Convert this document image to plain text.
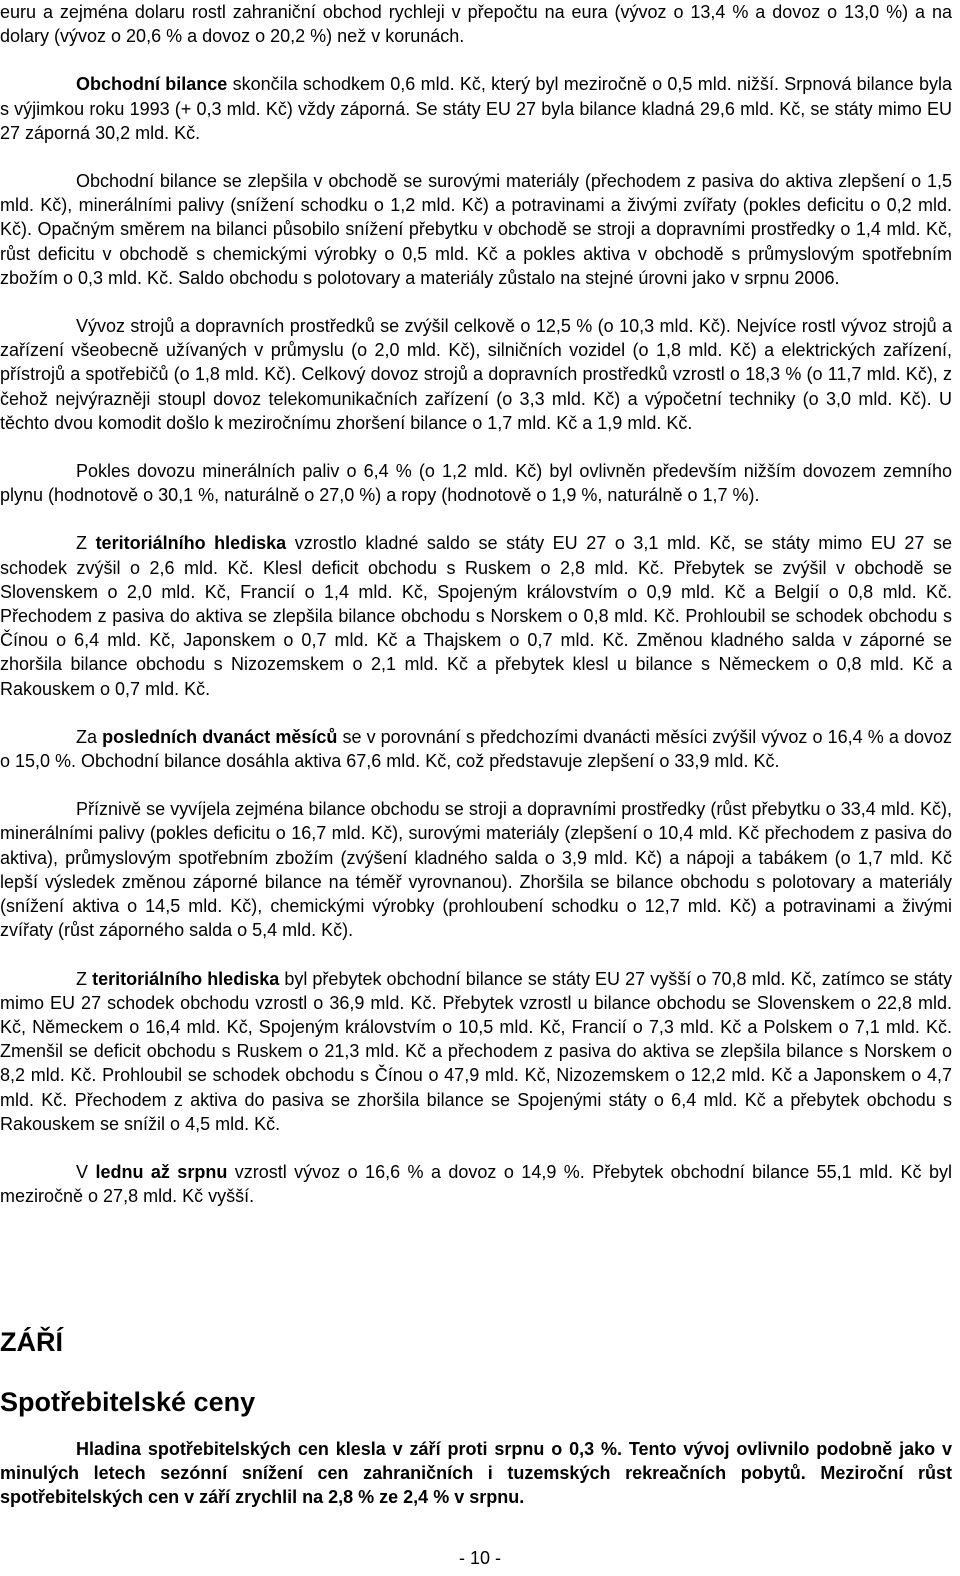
euru a zejména dolaru rostl zahraniční obchod rychleji v přepočtu na eura (vývoz o 13,4 % a dovoz o 13,0 %) a na dolary (vývoz o 20,6 % a dovoz o 20,2 %) než v korunách.

Obchodní bilance skončila schodkem 0,6 mld. Kč, který byl meziročně o 0,5 mld. nižší. Srpnová bilance byla s výjimkou roku 1993 (+ 0,3 mld. Kč) vždy záporná. Se státy EU 27 byla bilance kladná 29,6 mld. Kč, se státy mimo EU 27 záporná 30,2 mld. Kč.

Obchodní bilance se zlepšila v obchodě se surovými materiály (přechodem z pasiva do aktiva zlepšení o 1,5 mld. Kč), minerálními palivy (snížení schodku o 1,2 mld. Kč) a potravinami a živými zvířaty (pokles deficitu o 0,2 mld. Kč). Opačným směrem na bilanci působilo snížení přebytku v obchodě se stroji a dopravními prostředky o 1,4 mld. Kč, růst deficitu v obchodě s chemickými výrobky o 0,5 mld. Kč a pokles aktiva v obchodě s průmyslovým spotřebním zbožím o 0,3 mld. Kč. Saldo obchodu s polotovary a materiály zůstalo na stejné úrovni jako v srpnu 2006.

Vývoz strojů a dopravních prostředků se zvýšil celkově o 12,5 % (o 10,3 mld. Kč). Nejvíce rostl vývoz strojů a zařízení všeobecně užívaných v průmyslu (o 2,0 mld. Kč), silničních vozidel (o 1,8 mld. Kč) a elektrických zařízení, přístrojů a spotřebičů (o 1,8 mld. Kč). Celkový dovoz strojů a dopravních prostředků vzrostl o 18,3 % (o 11,7 mld. Kč), z čehož nejvýrazněji stoupl dovoz telekomunikačních zařízení (o 3,3 mld. Kč) a výpočetní techniky (o 3,0 mld. Kč). U těchto dvou komodit došlo k meziročnímu zhoršení bilance o 1,7 mld. Kč a 1,9 mld. Kč.

Pokles dovozu minerálních paliv o 6,4 % (o 1,2 mld. Kč) byl ovlivněn především nižším dovozem zemního plynu (hodnotově o 30,1 %, naturálně o 27,0 %) a ropy (hodnotově o 1,9 %, naturálně o 1,7 %).

Z teritoriálního hlediska vzrostlo kladné saldo se státy EU 27 o 3,1 mld. Kč, se státy mimo EU 27 se schodek zvýšil o 2,6 mld. Kč. Klesl deficit obchodu s Ruskem o 2,8 mld. Kč. Přebytek se zvýšil v obchodě se Slovenskem o 2,0 mld. Kč, Francií o 1,4 mld. Kč, Spojeným královstvím o 0,9 mld. Kč a Belgií o 0,8 mld. Kč. Přechodem z pasiva do aktiva se zlepšila bilance obchodu s Norskem o 0,8 mld. Kč. Prohloubil se schodek obchodu s Čínou o 6,4 mld. Kč, Japonskem o 0,7 mld. Kč a Thajskem o 0,7 mld. Kč. Změnou kladného salda v záporné se zhoršila bilance obchodu s Nizozemskem o 2,1 mld. Kč a přebytek klesl u bilance s Německem o 0,8 mld. Kč a Rakouskem o 0,7 mld. Kč.

Za posledních dvanáct měsíců se v porovnání s předchozími dvanácti měsíci zvýšil vývoz o 16,4 % a dovoz o 15,0 %. Obchodní bilance dosáhla aktiva 67,6 mld. Kč, což představuje zlepšení o 33,9 mld. Kč.

Příznivě se vyvíjela zejména bilance obchodu se stroji a dopravními prostředky (růst přebytku o 33,4 mld. Kč), minerálními palivy (pokles deficitu o 16,7 mld. Kč), surovými materiály (zlepšení o 10,4 mld. Kč přechodem z pasiva do aktiva), průmyslovým spotřebním zbožím (zvýšení kladného salda o 3,9 mld. Kč) a nápoji a tabákem (o 1,7 mld. Kč lepší výsledek změnou záporné bilance na téměř vyrovnanou). Zhoršila se bilance obchodu s polotovary a materiály (snížení aktiva o 14,5 mld. Kč), chemickými výrobky (prohloubení schodku o 12,7 mld. Kč) a potravinami a živými zvířaty (růst záporného salda o 5,4 mld. Kč).

Z teritoriálního hlediska byl přebytek obchodní bilance se státy EU 27 vyšší o 70,8 mld. Kč, zatímco se státy mimo EU 27 schodek obchodu vzrostl o 36,9 mld. Kč. Přebytek vzrostl u bilance obchodu se Slovenskem o 22,8 mld. Kč, Německem o 16,4 mld. Kč, Spojeným královstvím o 10,5 mld. Kč, Francií o 7,3 mld. Kč a Polskem o 7,1 mld. Kč. Zmenšil se deficit obchodu s Ruskem o 21,3 mld. Kč a přechodem z pasiva do aktiva se zlepšila bilance s Norskem o 8,2 mld. Kč. Prohloubil se schodek obchodu s Čínou o 47,9 mld. Kč, Nizozemskem o 12,2 mld. Kč a Japonskem o 4,7 mld. Kč. Přechodem z aktiva do pasiva se zhoršila bilance se Spojenými státy o 6,4 mld. Kč a přebytek obchodu s Rakouskem se snížil o 4,5 mld. Kč.

V lednu až srpnu vzrostl vývoz o 16,6 % a dovoz o 14,9 %. Přebytek obchodní bilance 55,1 mld. Kč byl meziročně o 27,8 mld. Kč vyšší.

ZÁŘÍ
Spotřebitelské ceny

Hladina spotřebitelských cen klesla v září proti srpnu o 0,3 %. Tento vývoj ovlivnilo podobně jako v minulých letech sezónní snížení cen zahraničních i tuzemských rekreačních pobytů. Meziroční růst spotřebitelských cen v září zrychlil na 2,8 % ze 2,4 % v srpnu.

- 10 -
